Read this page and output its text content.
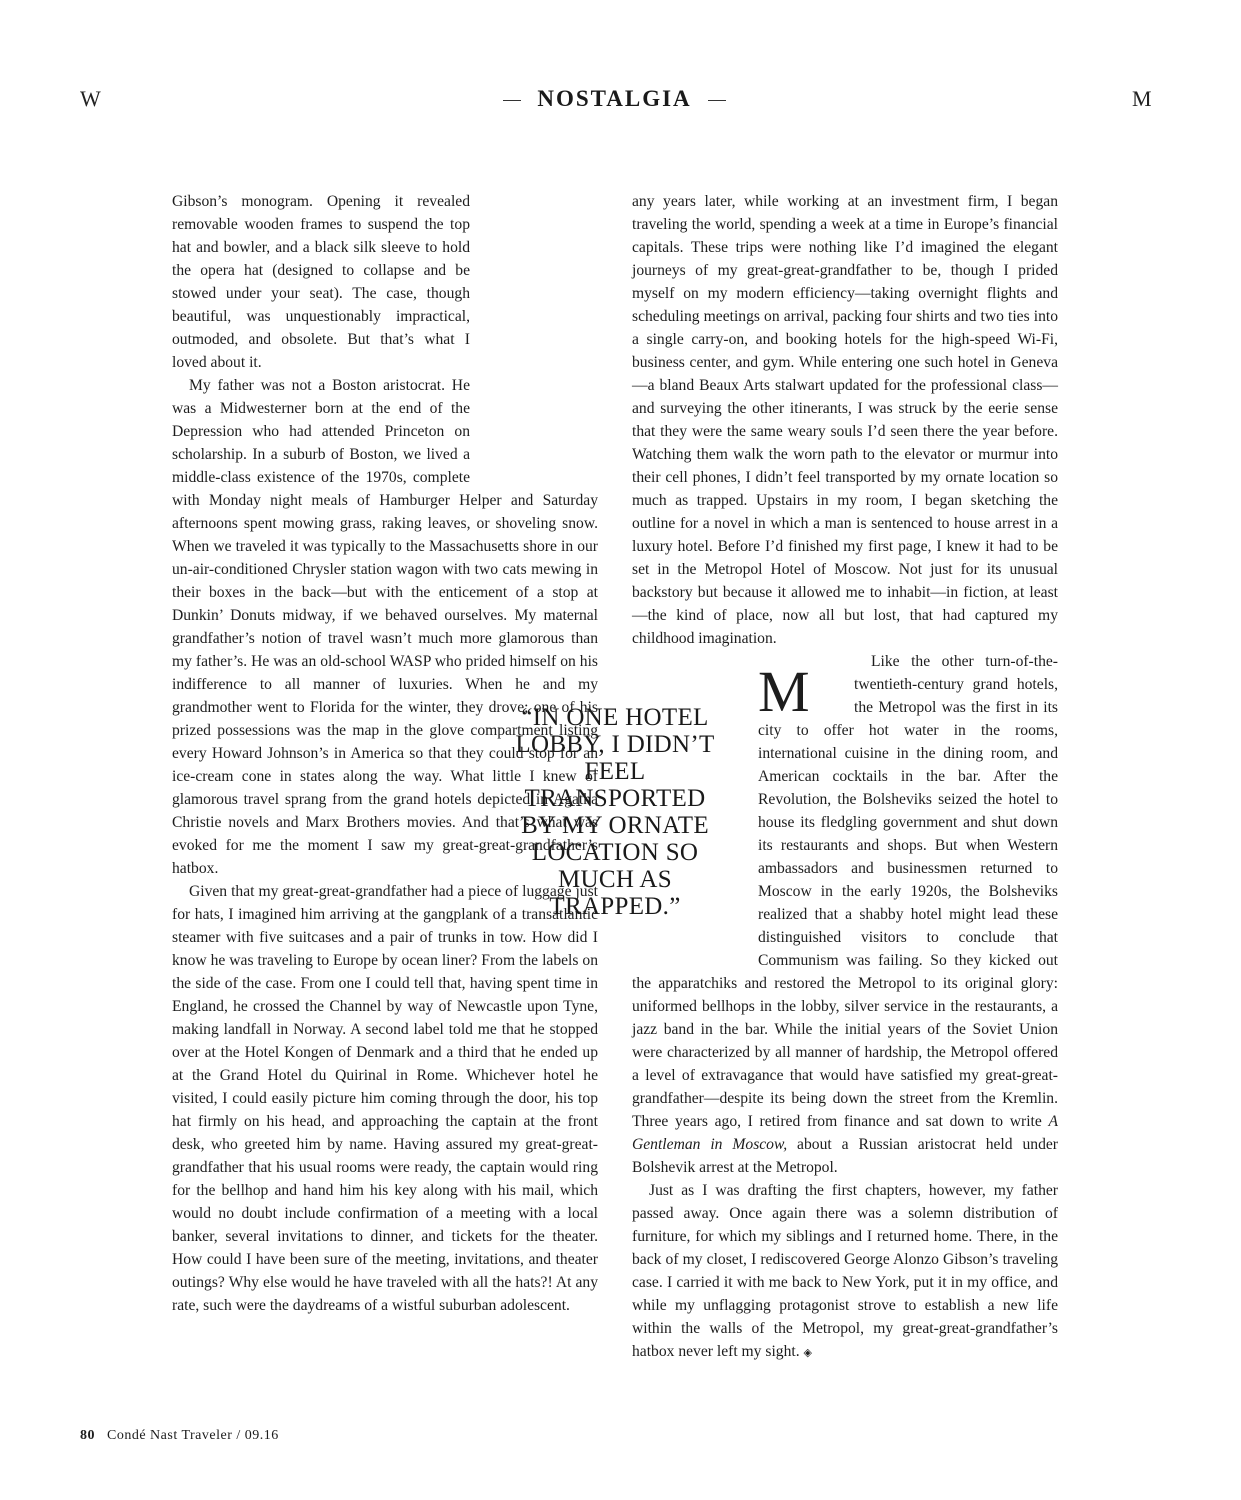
W	NOSTALGIA	M

Gibson’s monogram. Opening it revealed removable wooden frames to suspend the top hat and bowler, and a black silk sleeve to hold the opera hat (designed to collapse and be stowed under your seat). The case, though beautiful, was unquestionably impractical, outmoded, and obsolete. But that’s what I loved about it.

My father was not a Boston aristocrat. He was a Midwesterner born at the end of the Depression who had attended Princeton on scholarship. In a suburb of Boston, we lived a middle-class existence of the 1970s, complete with Monday night meals of Hamburger Helper and Saturday afternoons spent mowing grass, raking leaves, or shoveling snow. When we traveled it was typically to the Massachusetts shore in our un-air-conditioned Chrysler station wagon with two cats mewing in their boxes in the back—but with the enticement of a stop at Dunkin’ Donuts midway, if we behaved ourselves. My maternal grandfather’s notion of travel wasn’t much more glamorous than my father’s. He was an old-school WASP who prided himself on his indifference to all manner of luxuries. When he and my grandmother went to Florida for the winter, they drove; one of his prized possessions was the map in the glove compartment listing every Howard Johnson’s in America so that they could stop for an ice-cream cone in states along the way. What little I knew of glamorous travel sprang from the grand hotels depicted in Agatha Christie novels and Marx Brothers movies. And that’s what was evoked for me the moment I saw my great-great-grandfather’s hatbox.

Given that my great-great-grandfather had a piece of luggage just for hats, I imagined him arriving at the gangplank of a transatlantic steamer with five suitcases and a pair of trunks in tow. How did I know he was traveling to Europe by ocean liner? From the labels on the side of the case. From one I could tell that, having spent time in England, he crossed the Channel by way of Newcastle upon Tyne, making landfall in Norway. A second label told me that he stopped over at the Hotel Kongen of Denmark and a third that he ended up at the Grand Hotel du Quirinal in Rome. Whichever hotel he visited, I could easily picture him coming through the door, his top hat firmly on his head, and approaching the captain at the front desk, who greeted him by name. Having assured my great-great-grandfather that his usual rooms were ready, the captain would ring for the bellhop and hand him his key along with his mail, which would no doubt include confirmation of a meeting with a local banker, several invitations to dinner, and tickets for the theater. How could I have been sure of the meeting, invitations, and theater outings? Why else would he have traveled with all the hats?! At any rate, such were the daydreams of a wistful suburban adolescent.

M

any years later, while working at an investment firm, I began traveling the world, spending a week at a time in Europe’s financial capitals. These trips were nothing like I’d imagined the elegant journeys of my great-great-grandfather to be, though I prided myself on my modern efficiency—taking overnight flights and scheduling meetings on arrival, packing four shirts and two ties into a single carry-on, and booking hotels for the high-speed Wi-Fi, business center, and gym. While entering one such hotel in Geneva—a bland Beaux Arts stalwart updated for the professional class—and surveying the other itinerants, I was struck by the eerie sense that they were the same weary souls I’d seen there the year before. Watching them walk the worn path to the elevator or murmur into their cell phones, I didn’t feel transported by my ornate location so much as trapped. Upstairs in my room, I began sketching the outline for a novel in which a man is sentenced to house arrest in a luxury hotel. Before I’d finished my first page, I knew it had to be set in the Metropol Hotel of Moscow. Not just for its unusual backstory but because it allowed me to inhabit—in fiction, at least—the kind of place, now all but lost, that had captured my childhood imagination.

Like the other turn-of-the-twentieth-century grand hotels, the Metropol was the first in its city to offer hot water in the rooms, international cuisine in the dining room, and American cocktails in the bar. After the Revolution, the Bolsheviks seized the hotel to house its fledgling government and shut down its restaurants and shops. But when Western ambassadors and businessmen returned to Moscow in the early 1920s, the Bolsheviks realized that a shabby hotel might lead these distinguished visitors to conclude that Communism was failing. So they kicked out the apparatchiks and restored the Metropol to its original glory: uniformed bellhops in the lobby, silver service in the restaurants, a jazz band in the bar. While the initial years of the Soviet Union were characterized by all manner of hardship, the Metropol offered a level of extravagance that would have satisfied my great-great-grandfather—despite its being down the street from the Kremlin. Three years ago, I retired from finance and sat down to write A Gentleman in Moscow, about a Russian aristocrat held under Bolshevik arrest at the Metropol.

Just as I was drafting the first chapters, however, my father passed away. Once again there was a solemn distribution of furniture, for which my siblings and I returned home. There, in the back of my closet, I rediscovered George Alonzo Gibson’s traveling case. I carried it with me back to New York, put it in my office, and while my unflagging protagonist strove to establish a new life within the walls of the Metropol, my great-great-grandfather’s hatbox never left my sight. ◈

“IN ONE HOTEL LOBBY, I DIDN’T FEEL TRANSPORTED BY MY ORNATE LOCATION SO MUCH AS TRAPPED.”
80 Condé Nast Traveler / 09.16
